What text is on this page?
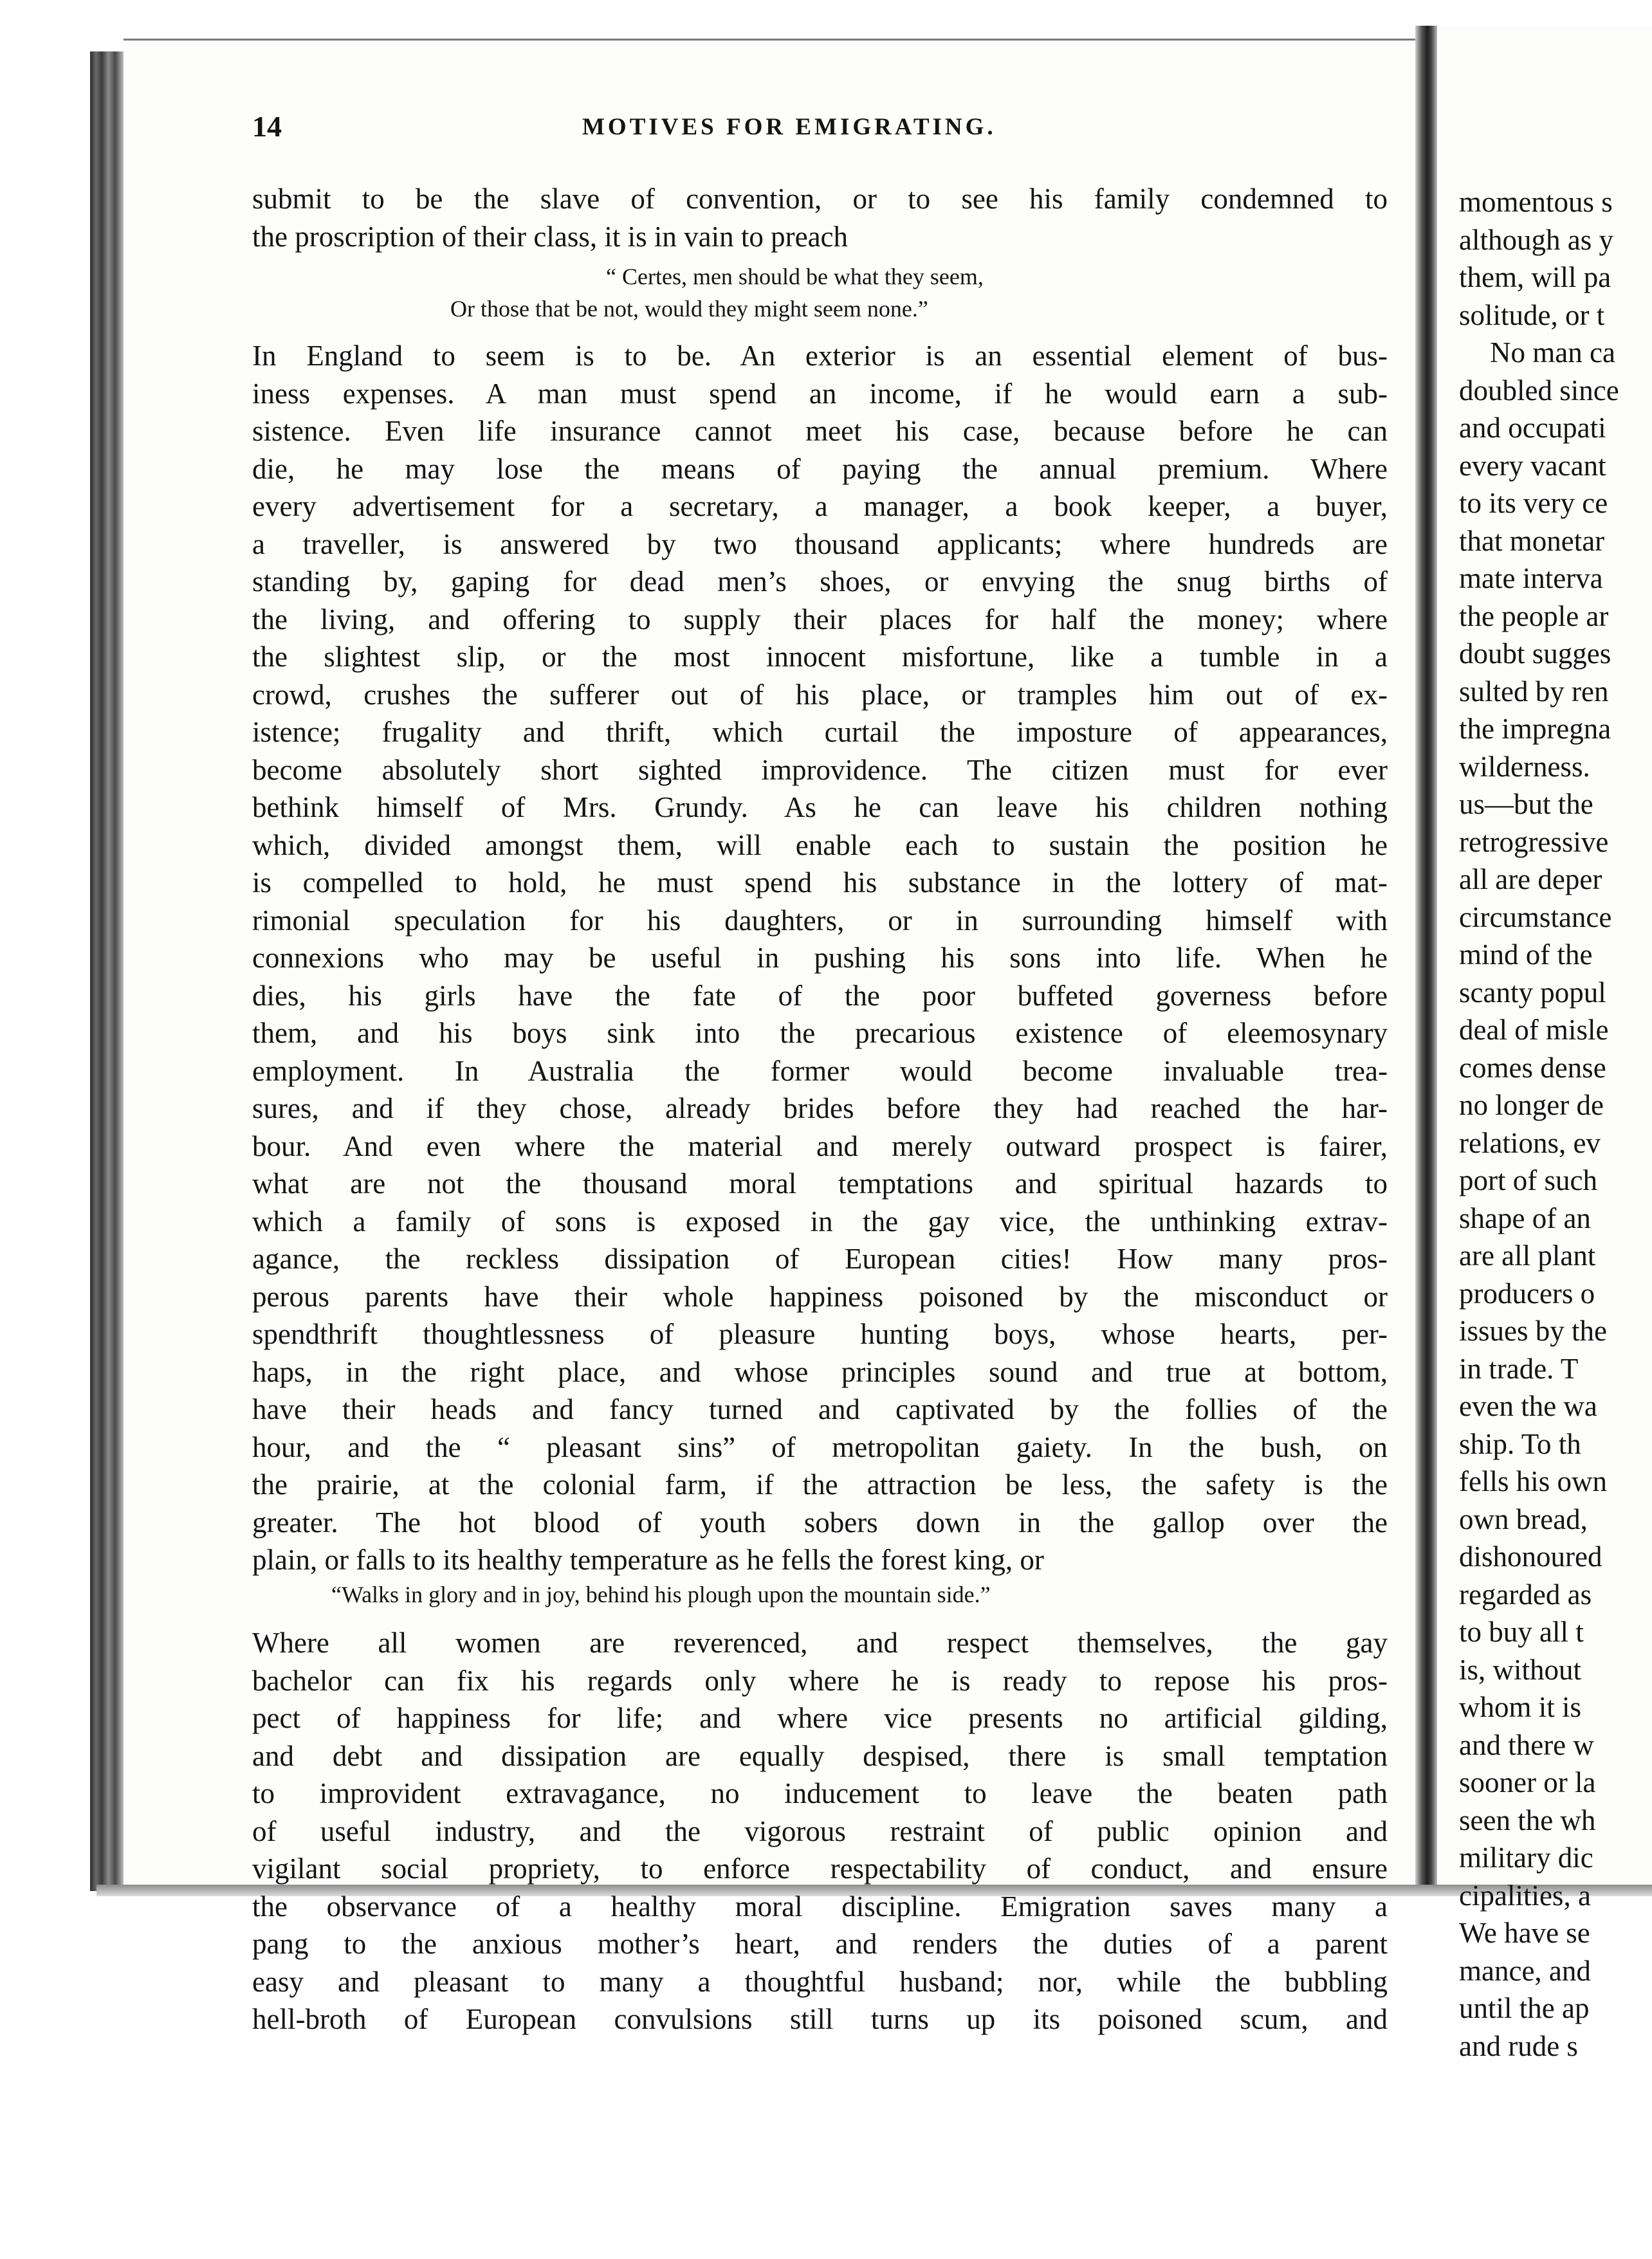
14	MOTIVES FOR EMIGRATING.
submit to be the slave of convention, or to see his family condemned to
the proscription of their class, it is in vain to preach
“ Certes, men should be what they seem,
Or those that be not, would they might seem none.”
In England to seem is to be. An exterior is an essential element of bus-
iness expenses. A man must spend an income, if he would earn a sub-
sistence. Even life insurance cannot meet his case, because before he can
die, he may lose the means of paying the annual premium. Where
every advertisement for a secretary, a manager, a book keeper, a buyer,
a traveller, is answered by two thousand applicants; where hundreds are
standing by, gaping for dead men’s shoes, or envying the snug births of
the living, and offering to supply their places for half the money; where
the slightest slip, or the most innocent misfortune, like a tumble in a
crowd, crushes the sufferer out of his place, or tramples him out of ex-
istence; frugality and thrift, which curtail the imposture of appearances,
become absolutely short sighted improvidence. The citizen must for ever
bethink himself of Mrs. Grundy. As he can leave his children nothing
which, divided amongst them, will enable each to sustain the position he
is compelled to hold, he must spend his substance in the lottery of mat-
rimonial speculation for his daughters, or in surrounding himself with
connexions who may be useful in pushing his sons into life. When he
dies, his girls have the fate of the poor buffeted governess before
them, and his boys sink into the precarious existence of eleemosynary
employment. In Australia the former would become invaluable trea-
sures, and if they chose, already brides before they had reached the har-
bour. And even where the material and merely outward prospect is fairer,
what are not the thousand moral temptations and spiritual hazards to
which a family of sons is exposed in the gay vice, the unthinking extrav-
agance, the reckless dissipation of European cities! How many pros-
perous parents have their whole happiness poisoned by the misconduct or
spendthrift thoughtlessness of pleasure hunting boys, whose hearts, per-
haps, in the right place, and whose principles sound and true at bottom,
have their heads and fancy turned and captivated by the follies of the
hour, and the “ pleasant sins” of metropolitan gaiety. In the bush, on
the prairie, at the colonial farm, if the attraction be less, the safety is the
greater. The hot blood of youth sobers down in the gallop over the
plain, or falls to its healthy temperature as he fells the forest king, or
“Walks in glory and in joy, behind his plough upon the mountain side.”
Where all women are reverenced, and respect themselves, the gay
bachelor can fix his regards only where he is ready to repose his pros-
pect of happiness for life; and where vice presents no artificial gilding,
and debt and dissipation are equally despised, there is small temptation
to improvident extravagance, no inducement to leave the beaten path
of useful industry, and the vigorous restraint of public opinion and
vigilant social propriety, to enforce respectability of conduct, and ensure
the observance of a healthy moral discipline. Emigration saves many a
pang to the anxious mother’s heart, and renders the duties of a parent
easy and pleasant to many a thoughtful husband; nor, while the bubbling
hell-broth of European convulsions still turns up its poisoned scum, and
momentous s
although as y
them, will pa
solitude, or t
No man ca
doubled since
and occupati
every vacant
to its very ce
that monetar
mate interva
the people ar
doubt sugges
sulted by ren
the impregna
wilderness.
us—but the
retrogressive
all are deper
circumstance
mind of the
scanty popul
deal of misle
comes dense
no longer de
relations, ev
port of such
shape of an
are all plant
producers o
issues by the
in trade. T
even the wa
ship. To th
fells his own
own bread,
dishonoured
regarded as
to buy all t
is, without
whom it is
and there w
sooner or la
seen the wh
military dic
cipalities, a
We have se
mance, and
until the ap
and rude s
